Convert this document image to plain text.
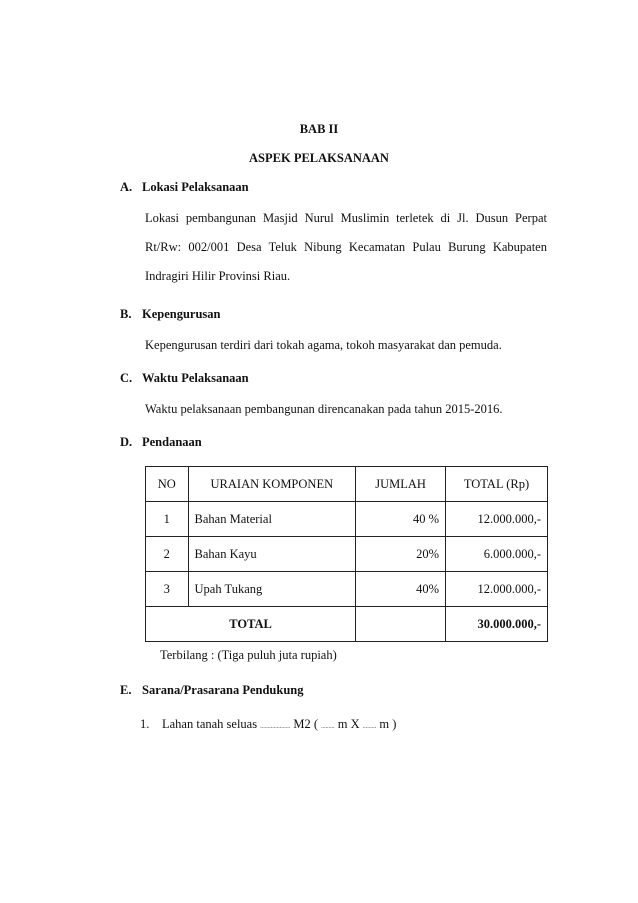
BAB II
ASPEK PELAKSANAAN
A. Lokasi Pelaksanaan
Lokasi pembangunan Masjid Nurul Muslimin terletek di Jl. Dusun Perpat
Rt/Rw: 002/001 Desa Teluk Nibung Kecamatan Pulau Burung Kabupaten
Indragiri Hilir Provinsi Riau.
B. Kepengurusan
Kepengurusan terdiri dari tokah agama, tokoh masyarakat dan pemuda.
C. Waktu Pelaksanaan
Waktu pelaksanaan pembangunan direncanakan pada tahun 2015-2016.
D. Pendanaan
NO	URAIAN KOMPONEN	JUMLAH	TOTAL (Rp)
1	Bahan Material	40 %	12.000.000,-
2	Bahan Kayu	20%	6.000.000,-
3	Upah Tukang	40%	12.000.000,-
TOTAL			30.000.000,-
Terbilang : (Tiga puluh juta rupiah)
E. Sarana/Prasarana Pendukung
1. Lahan tanah seluas .................... M2 ( ......... m X ......... m )
